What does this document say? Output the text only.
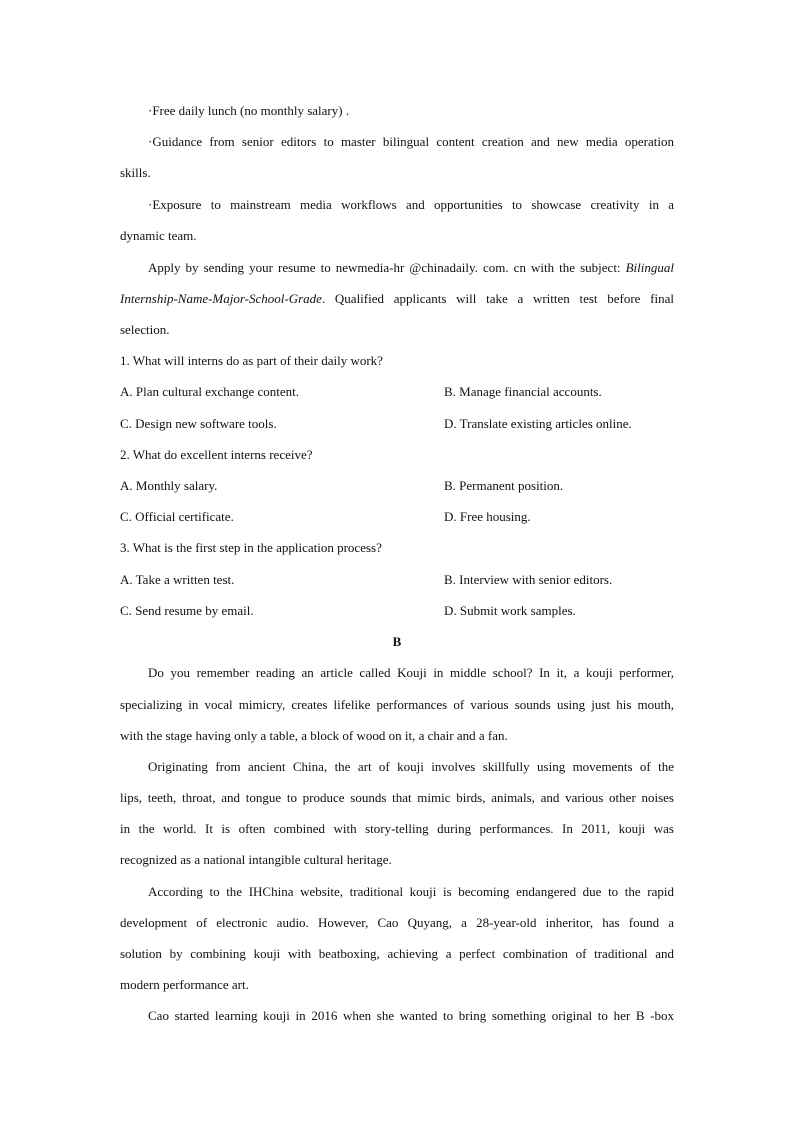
·Free daily lunch (no monthly salary) .
·Guidance from senior editors to master bilingual content creation and new media operation
skills.
·Exposure to mainstream media workflows and opportunities to showcase creativity in a
dynamic team.
Apply by sending your resume to newmedia-hr @chinadaily. com. cn with the subject: Bilingual
Internship-Name-Major-School-Grade. Qualified applicants will take a written test before final
selection.
1. What will interns do as part of their daily work?
A. Plan cultural exchange content.	B. Manage financial accounts.
C. Design new software tools.	D. Translate existing articles online.
2. What do excellent interns receive?
A. Monthly salary.	B. Permanent position.
C. Official certificate.	D. Free housing.
3. What is the first step in the application process?
A. Take a written test.	B. Interview with senior editors.
C. Send resume by email.	D. Submit work samples.
B
Do you remember reading an article called Kouji in middle school? In it, a kouji performer,
specializing in vocal mimicry, creates lifelike performances of various sounds using just his mouth,
with the stage having only a table, a block of wood on it, a chair and a fan.
Originating from ancient China, the art of kouji involves skillfully using movements of the
lips, teeth, throat, and tongue to produce sounds that mimic birds, animals, and various other noises
in the world. It is often combined with story-telling during performances. In 2011, kouji was
recognized as a national intangible cultural heritage.
According to the IHChina website, traditional kouji is becoming endangered due to the rapid
development of electronic audio. However, Cao Quyang, a 28-year-old inheritor, has found a
solution by combining kouji with beatboxing, achieving a perfect combination of traditional and
modern performance art.
Cao started learning kouji in 2016 when she wanted to bring something original to her B -box
